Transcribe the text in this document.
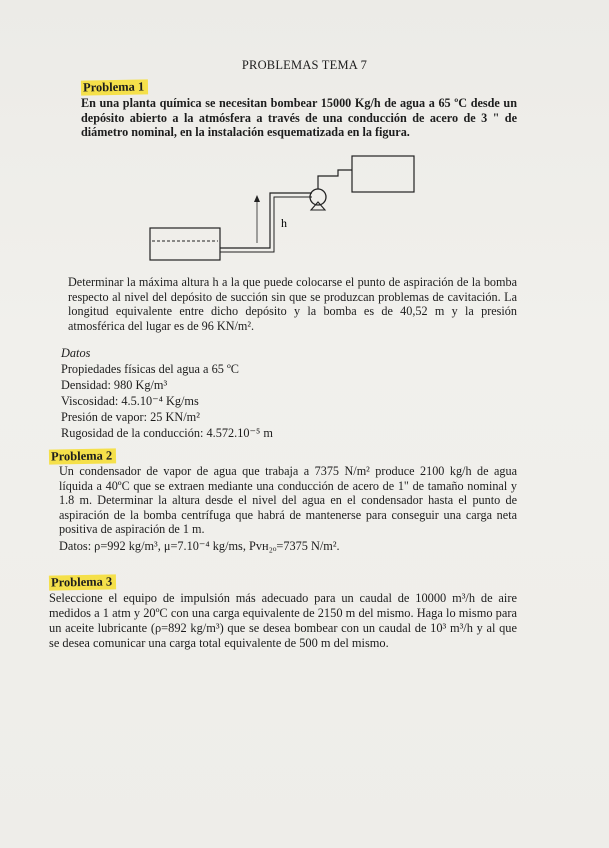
PROBLEMAS TEMA 7
Problema 1

En una planta química se necesitan bombear 15000 Kg/h de agua a 65 ºC desde un depósito abierto a la atmósfera a través de una conducción de acero de 3 " de diámetro nominal, en la instalación esquematizada en la figura.

h

Determinar la máxima altura h a la que puede colocarse el punto de aspiración de la bomba respecto al nivel del depósito de succión sin que se produzcan problemas de cavitación. La longitud equivalente entre dicho depósito y la bomba es de 40,52 m y la presión atmosférica del lugar es de 96 KN/m².

Datos
Propiedades físicas del agua a 65 ºC
Densidad: 980 Kg/m³
Viscosidad: 4.5.10⁻⁴ Kg/ms
Presión de vapor: 25 KN/m²
Rugosidad de la conducción: 4.572.10⁻⁵ m
Problema 2

Un condensador de vapor de agua que trabaja a 7375 N/m² produce 2100 kg/h de agua líquida a 40ºC que se extraen mediante una conducción de acero de 1" de tamaño nominal y 1.8 m. Determinar la altura desde el nivel del agua en el condensador hasta el punto de aspiración de la bomba centrífuga que habrá de mantenerse para conseguir una carga neta positiva de aspiración de 1 m.

Datos: ρ=992 kg/m³, μ=7.10⁻⁴ kg/ms, Pᴠʜ₂ₒ=7375 N/m².
Problema 3

Seleccione el equipo de impulsión más adecuado para un caudal de 10000 m³/h de aire medidos a 1 atm y 20ºC con una carga equivalente de 2150 m del mismo. Haga lo mismo para un aceite lubricante (ρ=892 kg/m³) que se desea bombear con un caudal de 10³ m³/h y al que se desea comunicar una carga total equivalente de 500 m del mismo.
